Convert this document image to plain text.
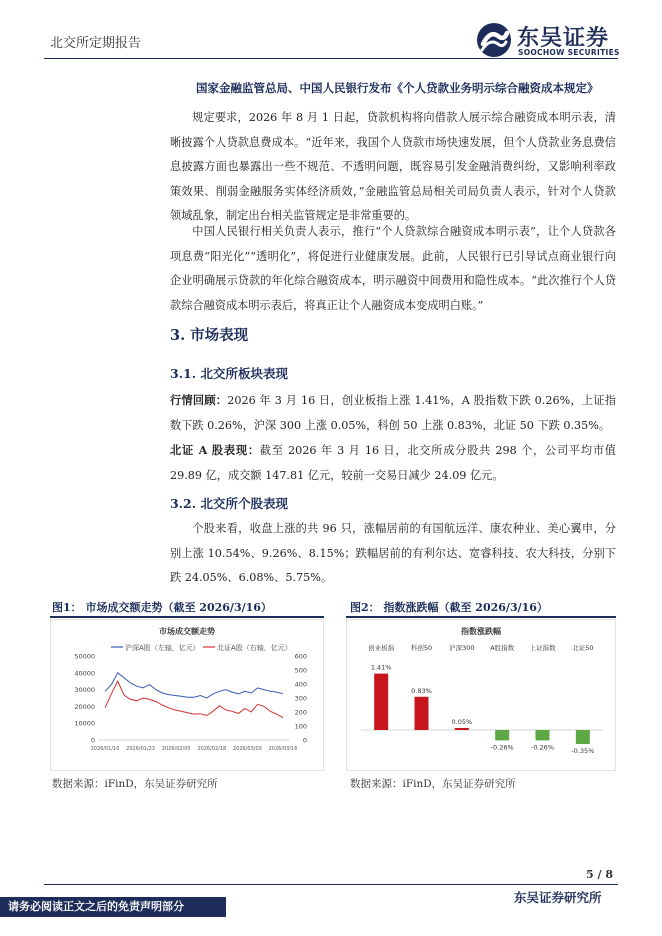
北交所定期报告	东吴证券
SOOCHOW SECURITIES
国家金融监管总局、中国人民银行发布《个人贷款业务明示综合融资成本规定》
规定要求，2026 年 8 月 1 日起，贷款机构将向借款人展示综合融资成本明示表，清晰披露个人贷款息费成本。“近年来，我国个人贷款市场快速发展，但个人贷款业务息费信息披露方面也暴露出一些不规范、不透明问题，既容易引发金融消费纠纷，又影响利率政策效果、削弱金融服务实体经济质效，”金融监管总局相关司局负责人表示，针对个人贷款领域乱象，制定出台相关监管规定是非常重要的。
中国人民银行相关负责人表示，推行“个人贷款综合融资成本明示表”，让个人贷款各项息费“阳光化”“透明化”，将促进行业健康发展。此前，人民银行已引导试点商业银行向企业明确展示贷款的年化综合融资成本，明示融资中间费用和隐性成本。“此次推行个人贷款综合融资成本明示表后，将真正让个人融资成本变成明白账。”
3. 市场表现
3.1. 北交所板块表现
行情回顾：2026 年 3 月 16 日，创业板指上涨 1.41%，A 股指数下跌 0.26%，上证指数下跌 0.26%，沪深 300 上涨 0.05%，科创 50 上涨 0.83%，北证 50 下跌 0.35%。
北证 A 股表现：截至 2026 年 3 月 16 日，北交所成分股共 298 个，公司平均市值 29.89 亿，成交额 147.81 亿元，较前一交易日减少 24.09 亿元。
3.2. 北交所个股表现
个股来看，收盘上涨的共 96 只，涨幅居前的有国航远洋、康农种业、美心翼申，分别上涨 10.54%、9.26%、8.15%；跌幅居前的有利尔达、宽睿科技、农大科技，分别下跌 24.05%、6.08%、5.75%。
图1： 市场成交额走势（截至 2026/3/16）
市场成交额走势
沪深A股（左轴，亿元） 北证A股（右轴，亿元）
0
10000
20000
30000
40000
50000
0
100
200
300
400
500
600
2026/01/10 2026/01/23 2026/02/05 2026/02/18 2026/03/03 2026/03/16
数据来源：iFinD，东吴证券研究所
图2： 指数涨跌幅（截至 2026/3/16）
指数涨跌幅
创业板指
1.41%
科创50
0.83%
沪深300
0.05%
A股指数
-0.26%
上证指数
-0.26%
北证50
-0.35%
数据来源：iFinD，东吴证券研究所
5 / 8
请务必阅读正文之后的免责声明部分
东吴证券研究所
